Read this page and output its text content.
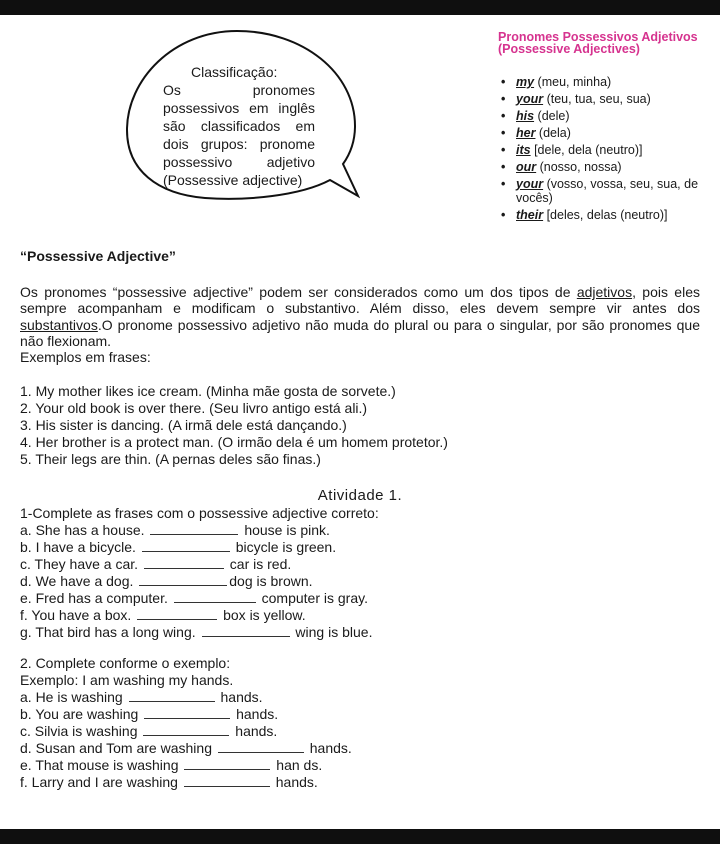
Classificação:
Os pronomes possessivos em inglês são classificados em dois grupos: pronome possessivo adjetivo (Possessive adjective)
Pronomes Possessivos Adjetivos (Possessive Adjectives)
• my (meu, minha)
• your (teu, tua, seu, sua)
• his (dele)
• her (dela)
• its [dele, dela (neutro)]
• our (nosso, nossa)
• your (vosso, vossa, seu, sua, de vocês)
• their [deles, delas (neutro)]
“Possessive Adjective”

Os pronomes “possessive adjective” podem ser considerados como um dos tipos de adjetivos, pois eles sempre acompanham e modificam o substantivo. Além disso, eles devem sempre vir antes dos substantivos.O pronome possessivo adjetivo não muda do plural ou para o singular, por são pronomes que não flexionam.

Exemplos em frases:
1. My mother likes ice cream. (Minha mãe gosta de sorvete.)
2. Your old book is over there. (Seu livro antigo está ali.)
3. His sister is dancing. (A irmã dele está dançando.)
4. Her brother is a protect man. (O irmão dela é um homem protetor.)
5. Their legs are thin. (A pernas deles são finas.)
Atividade 1.
1-Complete as frases com o possessive adjective correto:
a. She has a house.	house is pink.
b. I have a bicycle.	bicycle is green.
c. They have a car.	car is red.
d. We have a dog.	dog is brown.
e. Fred has a computer.	computer is gray.
f. You have a box.	box is yellow.
g. That bird has a long wing.	wing is blue.
2. Complete conforme o exemplo:
Exemplo: I am washing my hands.
a. He is washing	hands.
b. You are washing	hands.
c. Silvia is washing	hands.
d. Susan and Tom are washing	hands.
e. That mouse is washing	han ds.
f. Larry and I are washing	hands.
